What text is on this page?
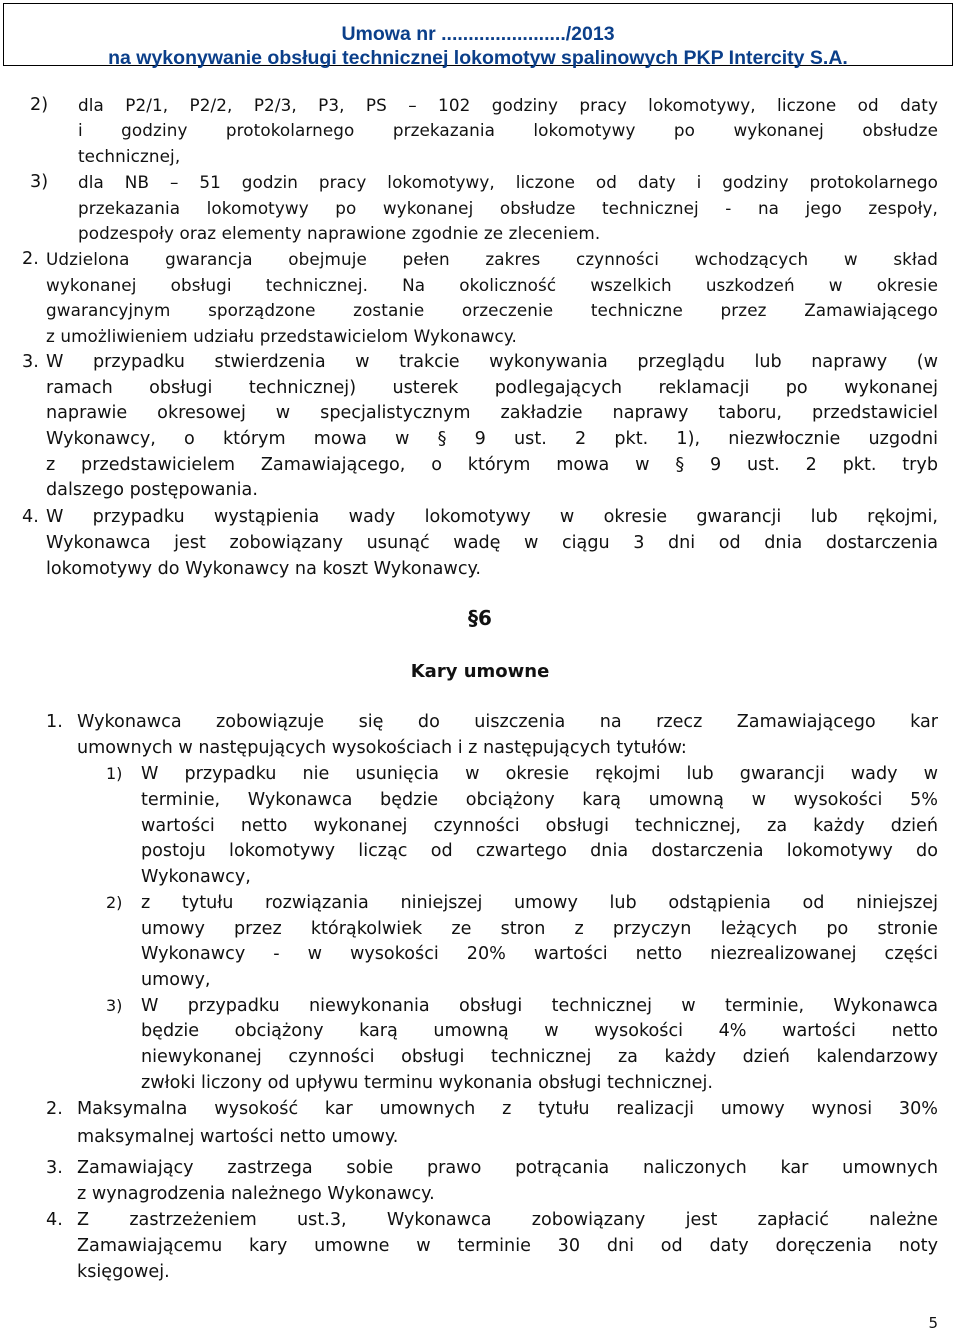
Umowa nr ......................./2013
na wykonywanie obsługi technicznej lokomotyw spalinowych PKP Intercity S.A.
2) dla P2/1, P2/2, P2/3, P3, PS – 102 godziny pracy lokomotywy, liczone od daty
i godziny protokolarnego przekazania lokomotywy po wykonanej obsłudze
technicznej,
3) dla NB – 51 godzin pracy lokomotywy, liczone od daty i godziny protokolarnego
przekazania lokomotywy po wykonanej obsłudze technicznej - na jego zespoły,
podzespoły oraz elementy naprawione zgodnie ze zleceniem.
2. Udzielona gwarancja obejmuje pełen zakres czynności wchodzących w skład
wykonanej obsługi technicznej. Na okoliczność wszelkich uszkodzeń w okresie
gwarancyjnym sporządzone zostanie orzeczenie techniczne przez Zamawiającego
z umożliwieniem udziału przedstawicielom Wykonawcy.
3. W przypadku stwierdzenia w trakcie wykonywania przeglądu lub naprawy (w
ramach obsługi technicznej) usterek podlegających reklamacji po wykonanej
naprawie okresowej w specjalistycznym zakładzie naprawy taboru, przedstawiciel
Wykonawcy, o którym mowa w § 9 ust. 2 pkt. 1), niezwłocznie uzgodni
z przedstawicielem Zamawiającego, o którym mowa w § 9 ust. 2 pkt. tryb
dalszego postępowania.
4. W przypadku wystąpienia wady lokomotywy w okresie gwarancji lub rękojmi,
Wykonawca jest zobowiązany usunąć wadę w ciągu 3 dni od dnia dostarczenia
lokomotywy do Wykonawcy na koszt Wykonawcy.
§6
Kary umowne
1. Wykonawca zobowiązuje się do uiszczenia na rzecz Zamawiającego kar
umownych w następujących wysokościach i z następujących tytułów:
1) W przypadku nie usunięcia w okresie rękojmi lub gwarancji wady w
terminie, Wykonawca będzie obciążony karą umowną w wysokości 5%
wartości netto wykonanej czynności obsługi technicznej, za każdy dzień
postoju lokomotywy licząc od czwartego dnia dostarczenia lokomotywy do
Wykonawcy,
2) z tytułu rozwiązania niniejszej umowy lub odstąpienia od niniejszej
umowy przez którąkolwiek ze stron z przyczyn leżących po stronie
Wykonawcy - w wysokości 20% wartości netto niezrealizowanej części
umowy,
3) W przypadku niewykonania obsługi technicznej w terminie, Wykonawca
będzie obciążony karą umowną w wysokości 4% wartości netto
niewykonanej czynności obsługi technicznej za każdy dzień kalendarzowy
zwłoki liczony od upływu terminu wykonania obsługi technicznej.
2. Maksymalna wysokość kar umownych z tytułu realizacji umowy wynosi 30%
maksymalnej wartości netto umowy.
3. Zamawiający zastrzega sobie prawo potrącania naliczonych kar umownych
z wynagrodzenia należnego Wykonawcy.
4. Z zastrzeżeniem ust.3, Wykonawca zobowiązany jest zapłacić należne
Zamawiającemu kary umowne w terminie 30 dni od daty doręczenia noty
księgowej.
5
